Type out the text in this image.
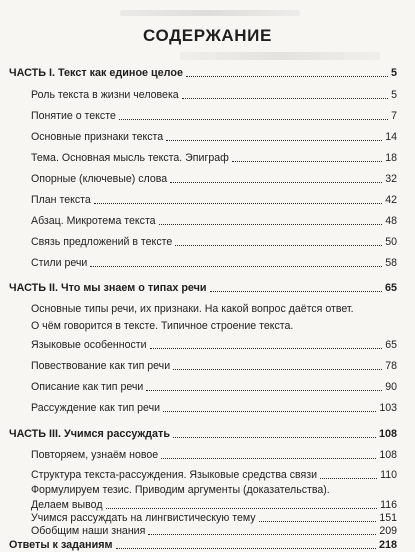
СОДЕРЖАНИЕ
ЧАСТЬ I. Текст как единое целое	5
Роль текста в жизни человека	5
Понятие о тексте	7
Основные признаки текста	14
Тема. Основная мысль текста. Эпиграф	18
Опорные (ключевые) слова	32
План текста	42
Абзац. Микротема текста	48
Связь предложений в тексте	50
Стили речи	58
ЧАСТЬ II. Что мы знаем о типах речи	65
Основные типы речи, их признаки. На какой вопрос даётся ответ.
О чём говорится в тексте. Типичное строение текста.
Языковые особенности	65
Повествование как тип речи	78
Описание как тип речи	90
Рассуждение как тип речи	103
ЧАСТЬ III. Учимся рассуждать	108
Повторяем, узнаём новое	108
Структура текста-рассуждения. Языковые средства связи	110
Формулируем тезис. Приводим аргументы (доказательства).
Делаем вывод	116
Учимся рассуждать на лингвистическую тему	151
Обобщим наши знания	209
Ответы к заданиям	218
